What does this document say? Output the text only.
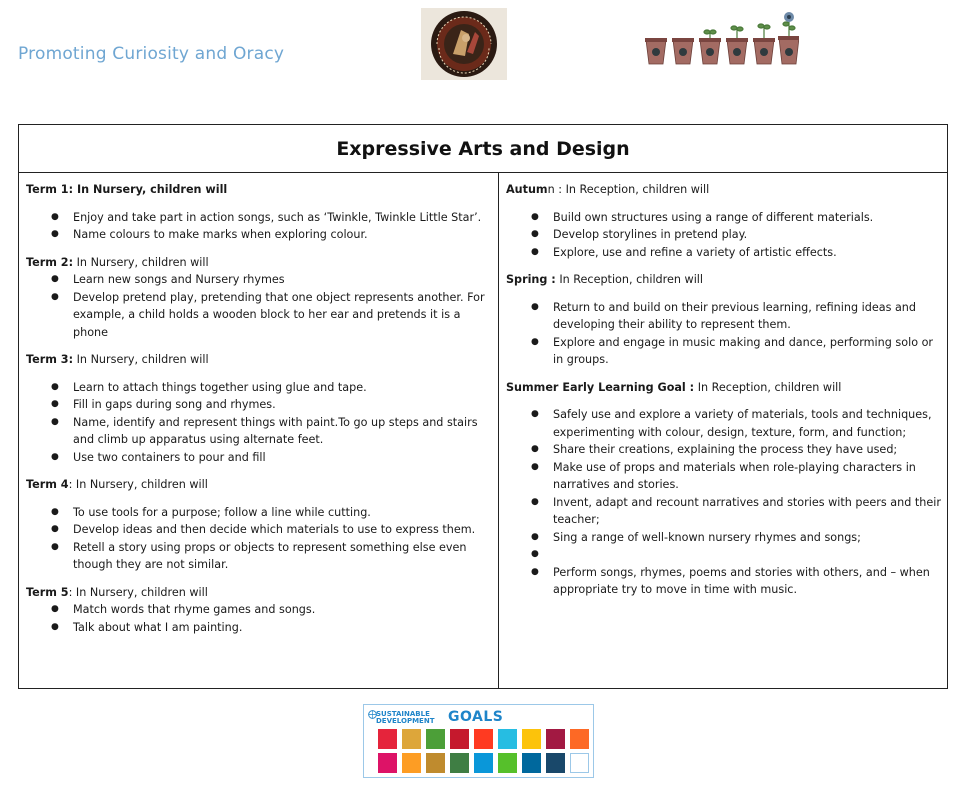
Promoting Curiosity and Oracy
Expressive Arts and Design
Term 1: In Nursery, children will
● Enjoy and take part in action songs, such as ‘Twinkle, Twinkle Little Star’.
● Name colours to make marks when exploring colour.
Term 2: In Nursery, children will
● Learn new songs and Nursery rhymes
● Develop pretend play, pretending that one object represents another. For example, a child holds a wooden block to her ear and pretends it is a phone
Term 3: In Nursery, children will
● Learn to attach things together using glue and tape.
● Fill in gaps during song and rhymes.
● Name, identify and represent things with paint.To go up steps and stairs and climb up apparatus using alternate feet.
● Use two containers to pour and fill
Term 4: In Nursery, children will
● To use tools for a purpose; follow a line while cutting.
● Develop ideas and then decide which materials to use to express them.
● Retell a story using props or objects to represent something else even though they are not similar.
Term 5: In Nursery, children will
● Match words that rhyme games and songs.
● Talk about what I am painting.
Autumn : In Reception, children will
● Build own structures using a range of different materials.
● Develop storylines in pretend play.
● Explore, use and refine a variety of artistic effects.
Spring : In Reception, children will
● Return to and build on their previous learning, refining ideas and developing their ability to represent them.
● Explore and engage in music making and dance, performing solo or in groups.
Summer Early Learning Goal : In Reception, children will
● Safely use and explore a variety of materials, tools and techniques, experimenting with colour, design, texture, form, and function;
● Share their creations, explaining the process they have used;
● Make use of props and materials when role-playing characters in narratives and stories.
● Invent, adapt and recount narratives and stories with peers and their teacher;
● Sing a range of well-known nursery rhymes and songs;
●
● Perform songs, rhymes, poems and stories with others, and – when appropriate try to move in time with music.
SUSTAINABLE
DEVELOPMENT GOALS
